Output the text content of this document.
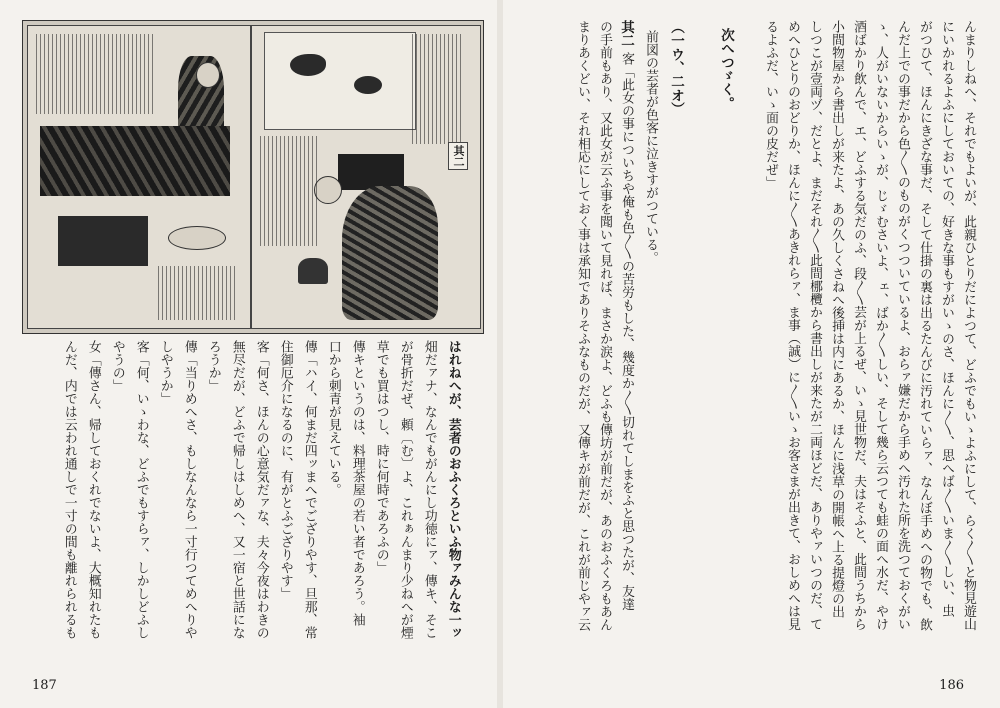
んまりしねへ、それでもよいが、此親ひとりだによつて、どふでもいゝよふにして、らく〳〵と物見遊山
にいかれるよふにしておいての、好きな事もすがいゝのさ、ほんに〳〵、思へば〳〵いま〳〵しい、虫
がつひて、ほんにきざな事だ、そして仕掛の裏は出るたんびに汚れていらァ、なんぼ手めへの物でも、飲
んだ上での事だから色〳〵のものがくつついているよ、おらァ嫌だから手めへ汚れた所を洗つておくがい
ゝ、人がいないからいゝが、じゞむさいよ、ェ、ばか〳〵しい、そして幾ら云つても蛙の面へ水だ、やけ
酒ばかり飲んで、エ、どふする気だのふ、段〳〵芸が上るぜ、いゝ見世物だ、夫はそふと、此間うちから
小間物屋から書出しが来たよ、あの久しくさねへ後挿は内にあるか、ほんに浅草の開帳へ上る提燈の出
しつこが壹両ヅ、だとよ、まだそれ〳〵此間梛欖から書出しが来たが二両ほどだ、ありやァいつのだ、て
めへひとりのおどりか、ほんに〳〵あきれらァ、ま事（誠）に〳〵いゝお客さまが出きて、おしめへは見
るよふだ、いゝ面の皮だぜ」
次へつゞく。
（一ウ、二オ）
前図の芸者が色客に泣きすがつている。
其二
客「此女の事についちや俺も色〳〵の苦労もした、幾度か〳〵切れてしまをふと思つたが、友達
の手前もあり、又此女が云ふ事を聞いて見れば、まさか涙よ、どふも傳坊が前だが、あのおふくろもあん
まりあくどい、それ相応にしておく事は承知でありそふなものだが、又傳キが前だが、これが前じやァ云
186
其二
はれねへが、芸者のおふくろといふ物ァみんな一ッ
畑だァナ、なんでもがんにし功徳にァ、傳キ、そこ
が骨折だぜ、頼〔む〕よ、これぁんまり少ねへが煙
草でも買はつし、時に何時であろふの」
傳キというのは、料理茶屋の若い者であろう。袖
口から刺青が見えている。
傳「ハイ、何まだ四ッまへでござりやす、旦那、常
住御厄介になるのに、有がとふござりやす」
客「何さ、ほんの心意気だァな、夫々今夜はわきの
無尽だが、どふで帰しはしめへ、又一宿と世話にな
ろうか」
傳「当りめへさ、もしなんなら一寸行つてめへりや
しやうか」
客「何、いゝわな、どふでもすらァ、しかしどふし
やうの」
女「傳さん、帰しておくれでないよ、大概知れたも
んだ、内では云われ通しで一寸の間も離れられるも
187
